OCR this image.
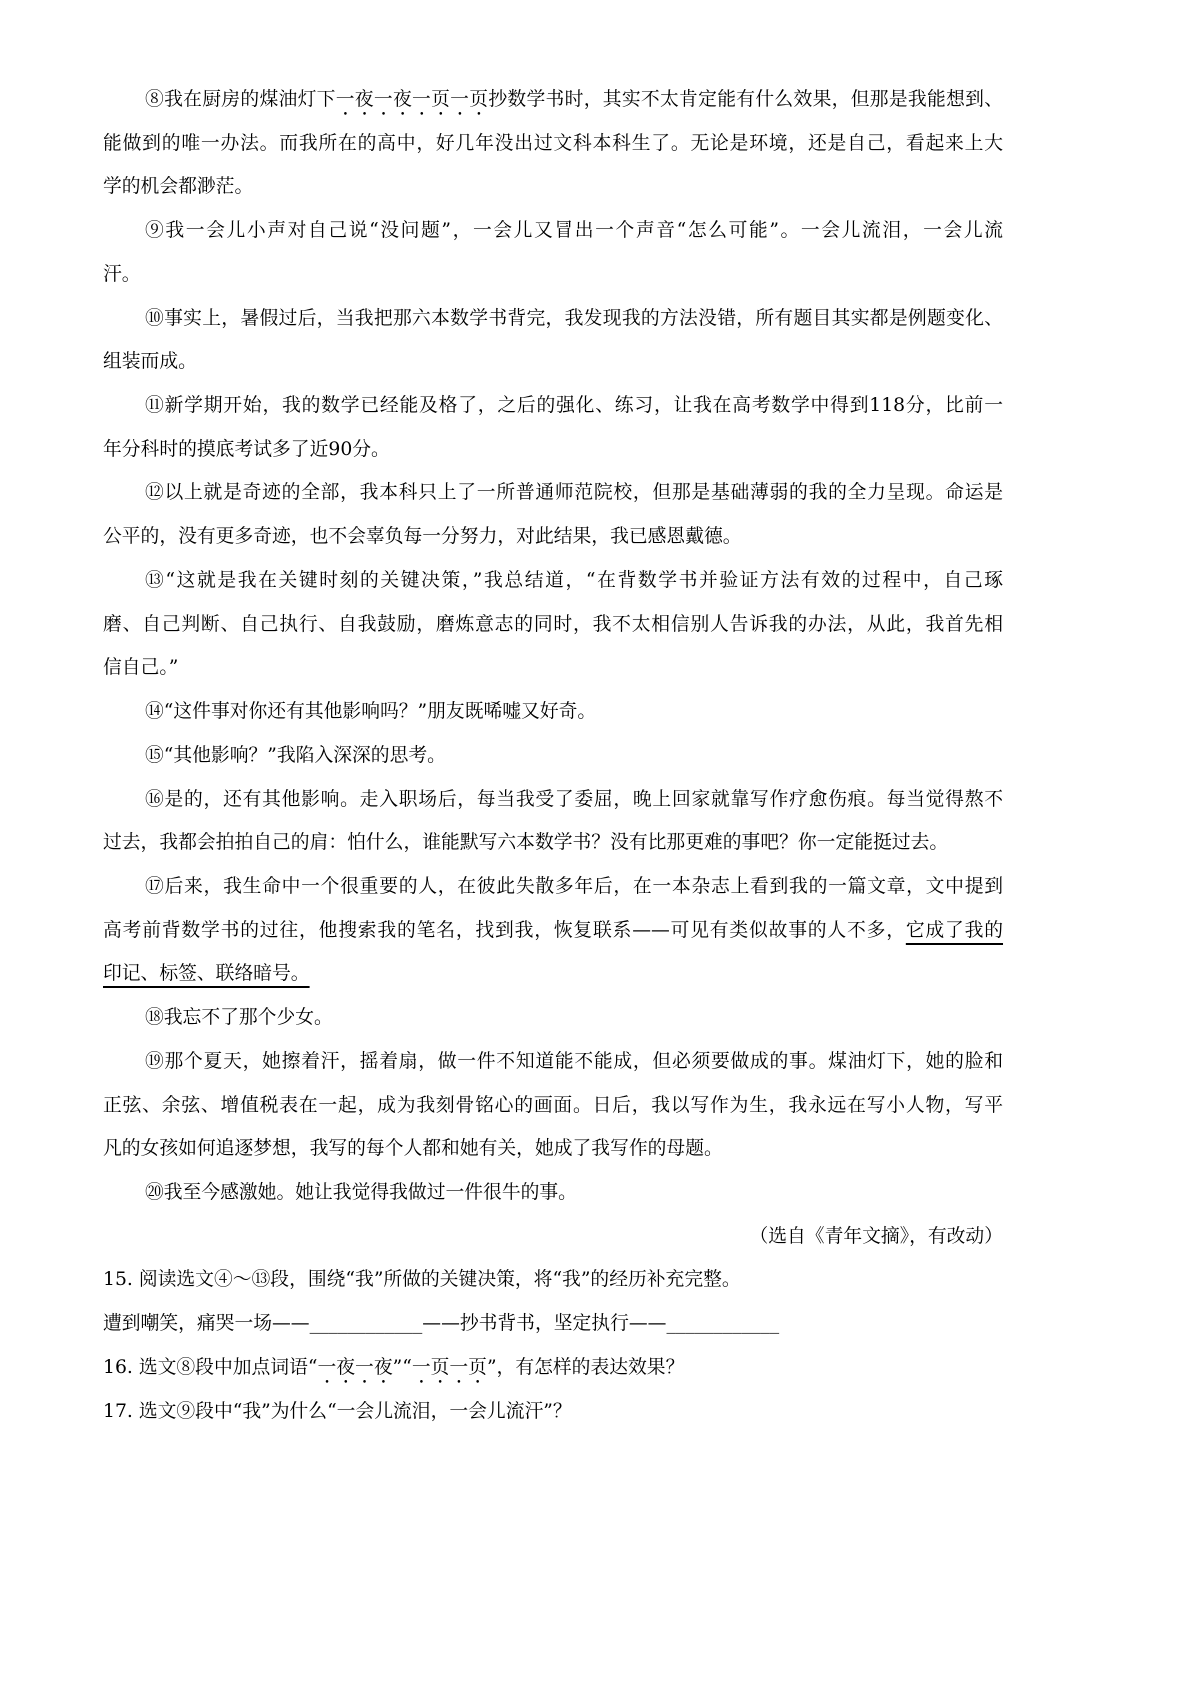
⑧我在厨房的煤油灯下一夜一夜一页一页抄数学书时，其实不太肯定能有什么效果，但那是我能想到、
能做到的唯一办法。而我所在的高中，好几年没出过文科本科生了。无论是环境，还是自己，看起来上大
学的机会都渺茫。
⑨我一会儿小声对自己说“没问题”，一会儿又冒出一个声音“怎么可能”。一会儿流泪，一会儿流
汗。
⑩事实上，暑假过后，当我把那六本数学书背完，我发现我的方法没错，所有题目其实都是例题变化、
组装而成。
⑪新学期开始，我的数学已经能及格了，之后的强化、练习，让我在高考数学中得到118分，比前一
年分科时的摸底考试多了近90分。
⑫以上就是奇迹的全部，我本科只上了一所普通师范院校，但那是基础薄弱的我的全力呈现。命运是
公平的，没有更多奇迹，也不会辜负每一分努力，对此结果，我已感恩戴德。
⑬“这就是我在关键时刻的关键决策，”我总结道，“在背数学书并验证方法有效的过程中，自己琢
磨、自己判断、自己执行、自我鼓励，磨炼意志的同时，我不太相信别人告诉我的办法，从此，我首先相
信自己。”
⑭“这件事对你还有其他影响吗？”朋友既唏嘘又好奇。
⑮“其他影响？”我陷入深深的思考。
⑯是的，还有其他影响。走入职场后，每当我受了委屈，晚上回家就靠写作疗愈伤痕。每当觉得熬不
过去，我都会拍拍自己的肩：怕什么，谁能默写六本数学书？没有比那更难的事吧？你一定能挺过去。
⑰后来，我生命中一个很重要的人，在彼此失散多年后，在一本杂志上看到我的一篇文章，文中提到
高考前背数学书的过往，他搜索我的笔名，找到我，恢复联系——可见有类似故事的人不多，它成了我的
印记、标签、联络暗号。
⑱我忘不了那个少女。
⑲那个夏天，她擦着汗，摇着扇，做一件不知道能不能成，但必须要做成的事。煤油灯下，她的脸和
正弦、余弦、增值税表在一起，成为我刻骨铭心的画面。日后，我以写作为生，我永远在写小人物，写平
凡的女孩如何追逐梦想，我写的每个人都和她有关，她成了我写作的母题。
⑳我至今感激她。她让我觉得我做过一件很牛的事。
（选自《青年文摘》，有改动）
15. 阅读选文④～⑬段，围绕“我”所做的关键决策，将“我”的经历补充完整。
遭到嘲笑，痛哭一场——____________——抄书背书，坚定执行——____________
16. 选文⑧段中加点词语“一夜一夜”“一页一页”，有怎样的表达效果？
17. 选文⑨段中“我”为什么“一会儿流泪，一会儿流汗”？
